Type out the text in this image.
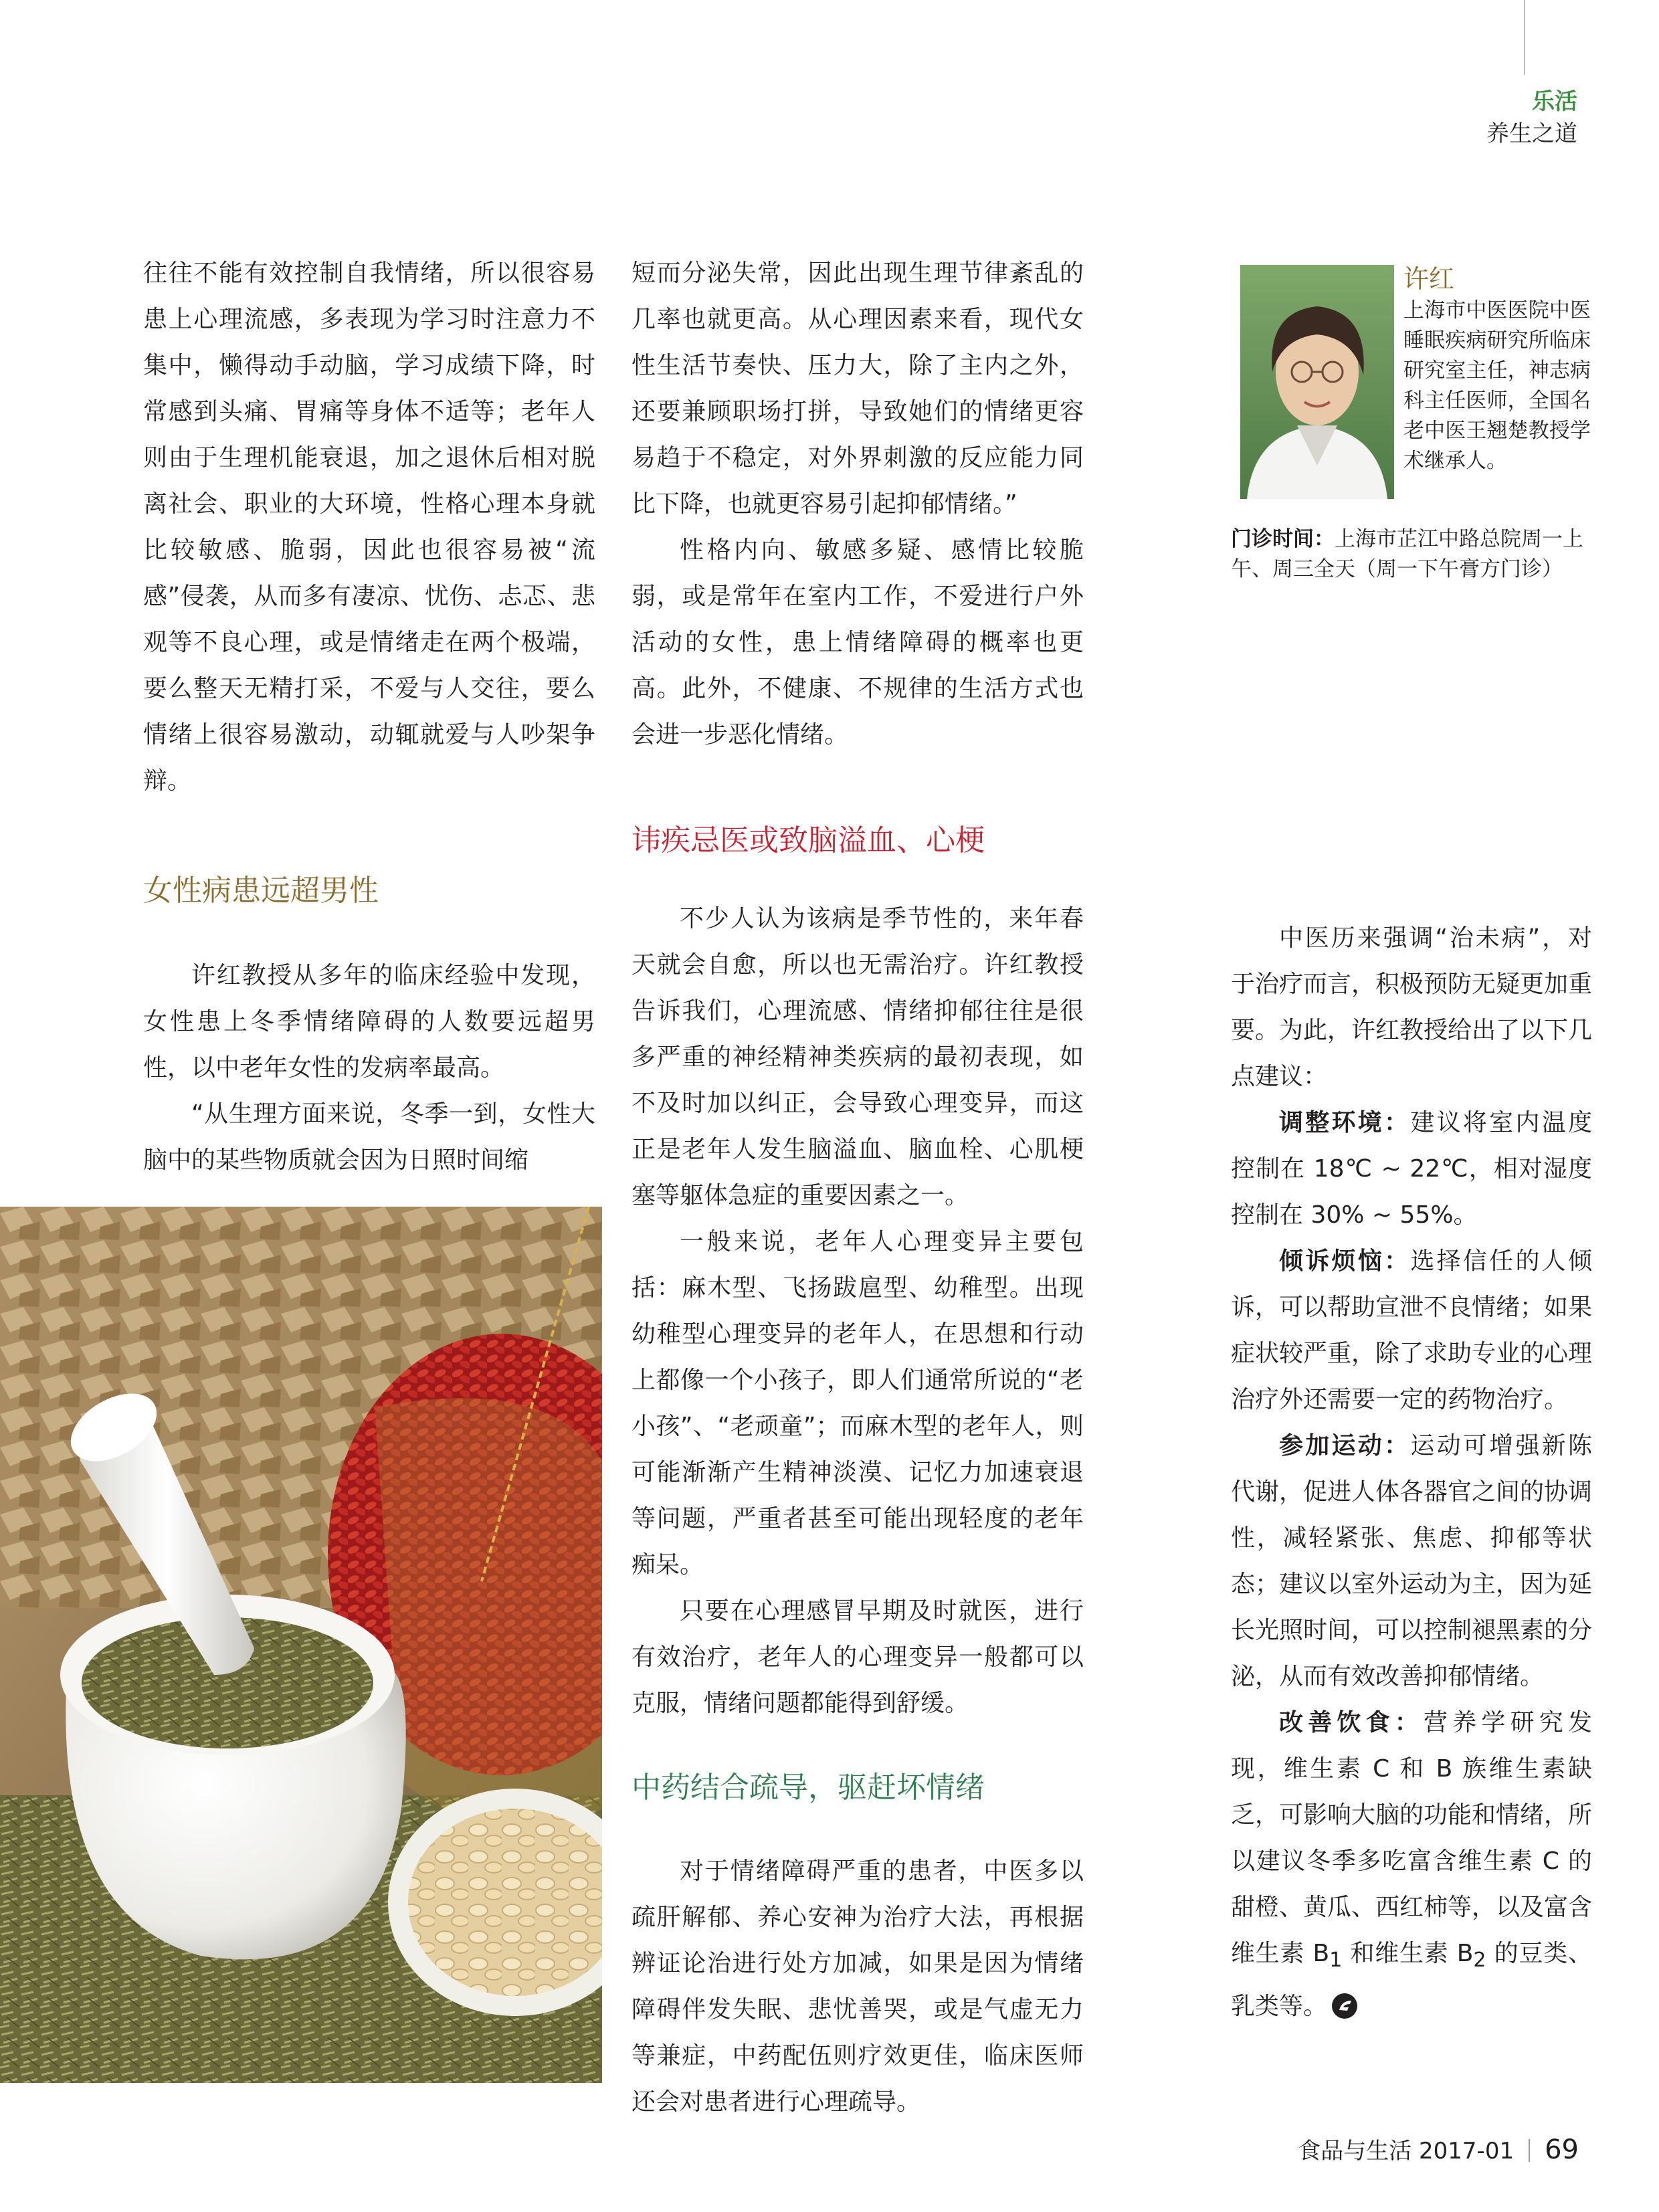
乐活
养生之道

往往不能有效控制自我情绪，所以很容易患上心理流感，多表现为学习时注意力不集中，懒得动手动脑，学习成绩下降，时常感到头痛、胃痛等身体不适等；老年人则由于生理机能衰退，加之退休后相对脱离社会、职业的大环境，性格心理本身就比较敏感、脆弱，因此也很容易被“流感”侵袭，从而多有凄凉、忧伤、忐忑、悲观等不良心理，或是情绪走在两个极端，要么整天无精打采，不爱与人交往，要么情绪上很容易激动，动辄就爱与人吵架争辩。

女性病患远超男性

许红教授从多年的临床经验中发现，女性患上冬季情绪障碍的人数要远超男性，以中老年女性的发病率最高。

“从生理方面来说，冬季一到，女性大脑中的某些物质就会因为日照时间缩

短而分泌失常，因此出现生理节律紊乱的几率也就更高。从心理因素来看，现代女性生活节奏快、压力大，除了主内之外，还要兼顾职场打拼，导致她们的情绪更容易趋于不稳定，对外界刺激的反应能力同比下降，也就更容易引起抑郁情绪。”

性格内向、敏感多疑、感情比较脆弱，或是常年在室内工作，不爱进行户外活动的女性，患上情绪障碍的概率也更高。此外，不健康、不规律的生活方式也会进一步恶化情绪。

讳疾忌医或致脑溢血、心梗

不少人认为该病是季节性的，来年春天就会自愈，所以也无需治疗。许红教授告诉我们，心理流感、情绪抑郁往往是很多严重的神经精神类疾病的最初表现，如不及时加以纠正，会导致心理变异，而这正是老年人发生脑溢血、脑血栓、心肌梗塞等躯体急症的重要因素之一。

一般来说，老年人心理变异主要包括：麻木型、飞扬跋扈型、幼稚型。出现幼稚型心理变异的老年人，在思想和行动上都像一个小孩子，即人们通常所说的“老小孩”、“老顽童”；而麻木型的老年人，则可能渐渐产生精神淡漠、记忆力加速衰退等问题，严重者甚至可能出现轻度的老年痴呆。

只要在心理感冒早期及时就医，进行有效治疗，老年人的心理变异一般都可以克服，情绪问题都能得到舒缓。

中药结合疏导，驱赶坏情绪

对于情绪障碍严重的患者，中医多以疏肝解郁、养心安神为治疗大法，再根据辨证论治进行处方加减，如果是因为情绪障碍伴发失眠、悲忧善哭，或是气虚无力等兼症，中药配伍则疗效更佳，临床医师还会对患者进行心理疏导。

许红
上海市中医医院中医睡眠疾病研究所临床研究室主任，神志病科主任医师，全国名老中医王翘楚教授学术继承人。
门诊时间：上海市芷江中路总院周一上午、周三全天（周一下午膏方门诊）

中医历来强调“治未病”，对于治疗而言，积极预防无疑更加重要。为此，许红教授给出了以下几点建议：

调整环境：建议将室内温度控制在 18℃ ~ 22℃，相对湿度控制在 30% ~ 55%。

倾诉烦恼：选择信任的人倾诉，可以帮助宣泄不良情绪；如果症状较严重，除了求助专业的心理治疗外还需要一定的药物治疗。

参加运动：运动可增强新陈代谢，促进人体各器官之间的协调性，减轻紧张、焦虑、抑郁等状态；建议以室外运动为主，因为延长光照时间，可以控制褪黑素的分泌，从而有效改善抑郁情绪。

改善饮食：营养学研究发现，维生素 C 和 B 族维生素缺乏，可影响大脑的功能和情绪，所以建议冬季多吃富含维生素 C 的甜橙、黄瓜、西红柿等，以及富含维生素 $B_1$ 和维生素 $B_2$ 的豆类、乳类等。

食品与生活 2017-01 69
